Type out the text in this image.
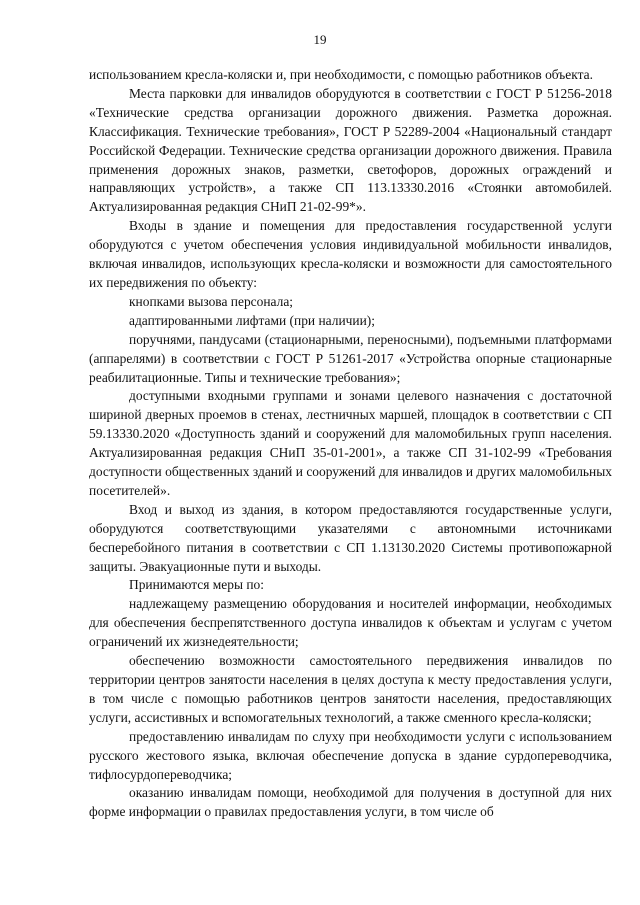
19

использованием кресла-коляски и, при необходимости, с помощью работников объекта.

Места парковки для инвалидов оборудуются в соответствии с ГОСТ Р 51256-2018 «Технические средства организации дорожного движения. Разметка дорожная. Классификация. Технические требования», ГОСТ Р 52289-2004 «Национальный стандарт Российской Федерации. Технические средства организации дорожного движения. Правила применения дорожных знаков, разметки, светофоров, дорожных ограждений и направляющих устройств», а также СП 113.13330.2016 «Стоянки автомобилей. Актуализированная редакция СНиП 21-02-99*».

Входы в здание и помещения для предоставления государственной услуги оборудуются с учетом обеспечения условия индивидуальной мобильности инвалидов, включая инвалидов, использующих кресла-коляски и возможности для самостоятельного их передвижения по объекту:

кнопками вызова персонала;

адаптированными лифтами (при наличии);

поручнями, пандусами (стационарными, переносными), подъемными платформами (аппарелями) в соответствии с ГОСТ Р 51261-2017 «Устройства опорные стационарные реабилитационные. Типы и технические требования»;

доступными входными группами и зонами целевого назначения с достаточной шириной дверных проемов в стенах, лестничных маршей, площадок в соответствии с СП 59.13330.2020 «Доступность зданий и сооружений для маломобильных групп населения. Актуализированная редакция СНиП 35-01-2001», а также СП 31-102-99 «Требования доступности общественных зданий и сооружений для инвалидов и других маломобильных посетителей».

Вход и выход из здания, в котором предоставляются государственные услуги, оборудуются соответствующими указателями с автономными источниками бесперебойного питания в соответствии с СП 1.13130.2020 Системы противопожарной защиты. Эвакуационные пути и выходы.

Принимаются меры по:

надлежащему размещению оборудования и носителей информации, необходимых для обеспечения беспрепятственного доступа инвалидов к объектам и услугам с учетом ограничений их жизнедеятельности;

обеспечению возможности самостоятельного передвижения инвалидов по территории центров занятости населения в целях доступа к месту предоставления услуги, в том числе с помощью работников центров занятости населения, предоставляющих услуги, ассистивных и вспомогательных технологий, а также сменного кресла-коляски;

предоставлению инвалидам по слуху при необходимости услуги с использованием русского жестового языка, включая обеспечение допуска в здание сурдопереводчика, тифлосурдопереводчика;

оказанию инвалидам помощи, необходимой для получения в доступной для них форме информации о правилах предоставления услуги, в том числе об
